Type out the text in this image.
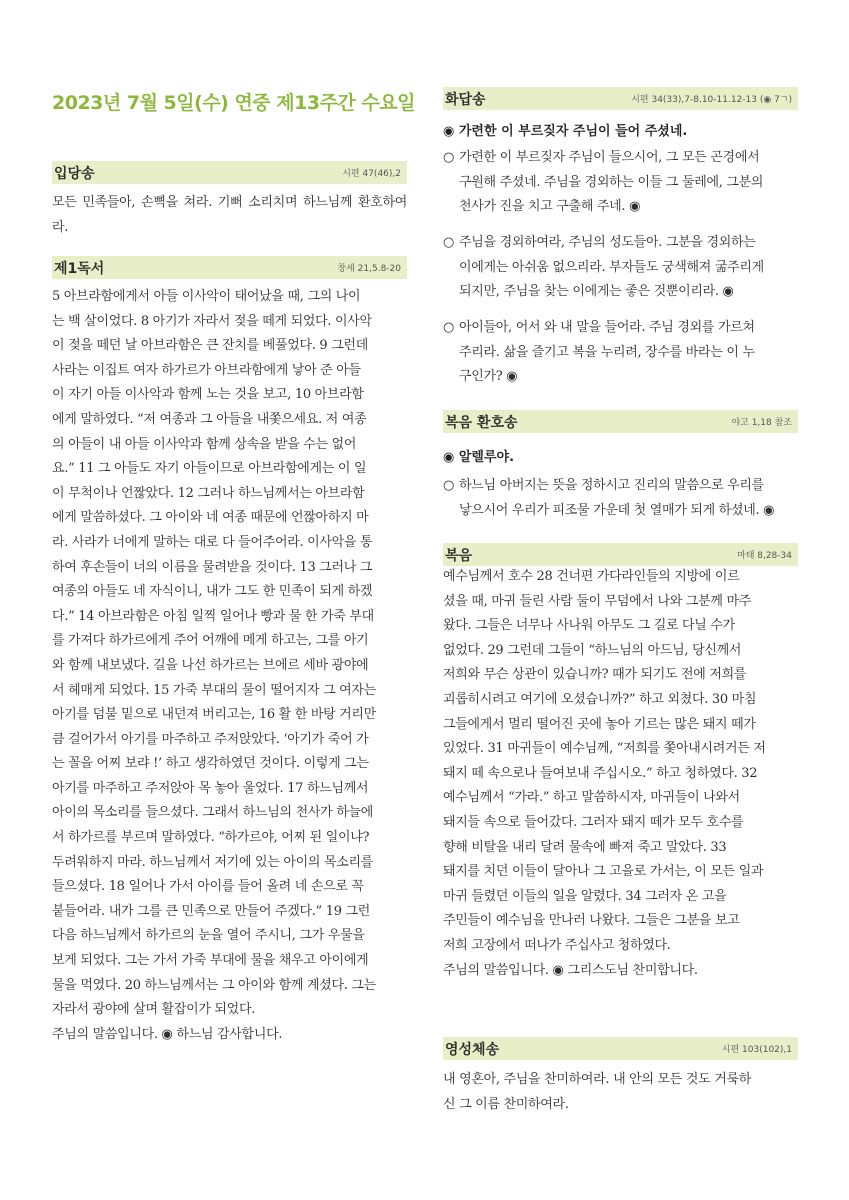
2023년 7월 5일(수) 연중 제13주간 수요일
입당송	시편 47(46),2
모든 민족들아, 손뼉을 쳐라. 기뻐 소리치며 하느님께 환호하여라.
제1독서	창세 21,5.8-20
5 아브라함에게서 아들 이사악이 태어났을 때, 그의 나이
는 백 살이었다. 8 아기가 자라서 젖을 떼게 되었다. 이사악
이 젖을 떼던 날 아브라함은 큰 잔치를 베풀었다. 9 그런데
사라는 이집트 여자 하가르가 아브라함에게 낳아 준 아들
이 자기 아들 이사악과 함께 노는 것을 보고, 10 아브라함
에게 말하였다. “저 여종과 그 아들을 내쫓으세요. 저 여종
의 아들이 내 아들 이사악과 함께 상속을 받을 수는 없어
요.” 11 그 아들도 자기 아들이므로 아브라함에게는 이 일
이 무척이나 언짢았다. 12 그러나 하느님께서는 아브라함
에게 말씀하셨다. 그 아이와 네 여종 때문에 언짢아하지 마
라. 사라가 너에게 말하는 대로 다 들어주어라. 이사악을 통
하여 후손들이 너의 이름을 물려받을 것이다. 13 그러나 그
여종의 아들도 네 자식이니, 내가 그도 한 민족이 되게 하겠
다.” 14 아브라함은 아침 일찍 일어나 빵과 물 한 가죽 부대
를 가져다 하가르에게 주어 어깨에 메게 하고는, 그를 아기
와 함께 내보냈다. 길을 나선 하가르는 브에르 세바 광야에
서 헤매게 되었다. 15 가죽 부대의 물이 떨어지자 그 여자는
아기를 덤불 밑으로 내던져 버리고는, 16 활 한 바탕 거리만
큼 걸어가서 아기를 마주하고 주저앉았다. ‘아기가 죽어 가
는 꼴을 어찌 보랴 !’ 하고 생각하였던 것이다. 이렇게 그는
아기를 마주하고 주저앉아 목 놓아 울었다. 17 하느님께서
아이의 목소리를 들으셨다. 그래서 하느님의 천사가 하늘에
서 하가르를 부르며 말하였다. “하가르야, 어찌 된 일이냐?
두려워하지 마라. 하느님께서 저기에 있는 아이의 목소리를
들으셨다. 18 일어나 가서 아이를 들어 올려 네 손으로 꼭
붙들어라. 내가 그를 큰 민족으로 만들어 주겠다.” 19 그런
다음 하느님께서 하가르의 눈을 열어 주시니, 그가 우물을
보게 되었다. 그는 가서 가죽 부대에 물을 채우고 아이에게
물을 먹였다. 20 하느님께서는 그 아이와 함께 계셨다. 그는
자라서 광야에 살며 활잡이가 되었다.
주님의 말씀입니다. ◉ 하느님 감사합니다.
화답송	시편 34(33),7-8.10-11.12-13 (◉ 7ㄱ)
◉ 가련한 이 부르짖자 주님이 들어 주셨네.
○ 가련한 이 부르짖자 주님이 들으시어, 그 모든 곤경에서
구원해 주셨네. 주님을 경외하는 이들 그 둘레에, 그분의
천사가 진을 치고 구출해 주네. ◉
○ 주님을 경외하여라, 주님의 성도들아. 그분을 경외하는
이에게는 아쉬움 없으리라. 부자들도 궁색해져 굶주리게
되지만, 주님을 찾는 이에게는 좋은 것뿐이리라. ◉
○ 아이들아, 어서 와 내 말을 들어라. 주님 경외를 가르쳐
주리라. 삶을 즐기고 복을 누리려, 장수를 바라는 이 누
구인가? ◉
복음 환호송	야고 1,18 참조
◉ 알렐루야.
○ 하느님 아버지는 뜻을 정하시고 진리의 말씀으로 우리를
낳으시어 우리가 피조물 가운데 첫 열매가 되게 하셨네. ◉
복음	마태 8,28-34
예수님께서 호수 28 건너편 가다라인들의 지방에 이르
셨을 때, 마귀 들린 사람 둘이 무덤에서 나와 그분께 마주
왔다. 그들은 너무나 사나워 아무도 그 길로 다닐 수가
없었다. 29 그런데 그들이 “하느님의 아드님, 당신께서
저희와 무슨 상관이 있습니까? 때가 되기도 전에 저희를
괴롭히시려고 여기에 오셨습니까?” 하고 외쳤다. 30 마침
그들에게서 멀리 떨어진 곳에 놓아 기르는 많은 돼지 떼가
있었다. 31 마귀들이 예수님께, “저희를 쫓아내시려거든 저
돼지 떼 속으로나 들여보내 주십시오.” 하고 청하였다. 32
예수님께서 “가라.” 하고 말씀하시자, 마귀들이 나와서
돼지들 속으로 들어갔다. 그러자 돼지 떼가 모두 호수를
향해 비탈을 내리 달려 물속에 빠져 죽고 말았다. 33
돼지를 치던 이들이 달아나 그 고을로 가서는, 이 모든 일과
마귀 들렸던 이들의 일을 알렸다. 34 그러자 온 고을
주민들이 예수님을 만나러 나왔다. 그들은 그분을 보고
저희 고장에서 떠나가 주십사고 청하였다.
주님의 말씀입니다. ◉ 그리스도님 찬미합니다.
영성체송	시편 103(102),1
내 영혼아, 주님을 찬미하여라. 내 안의 모든 것도 거룩하
신 그 이름 찬미하여라.
